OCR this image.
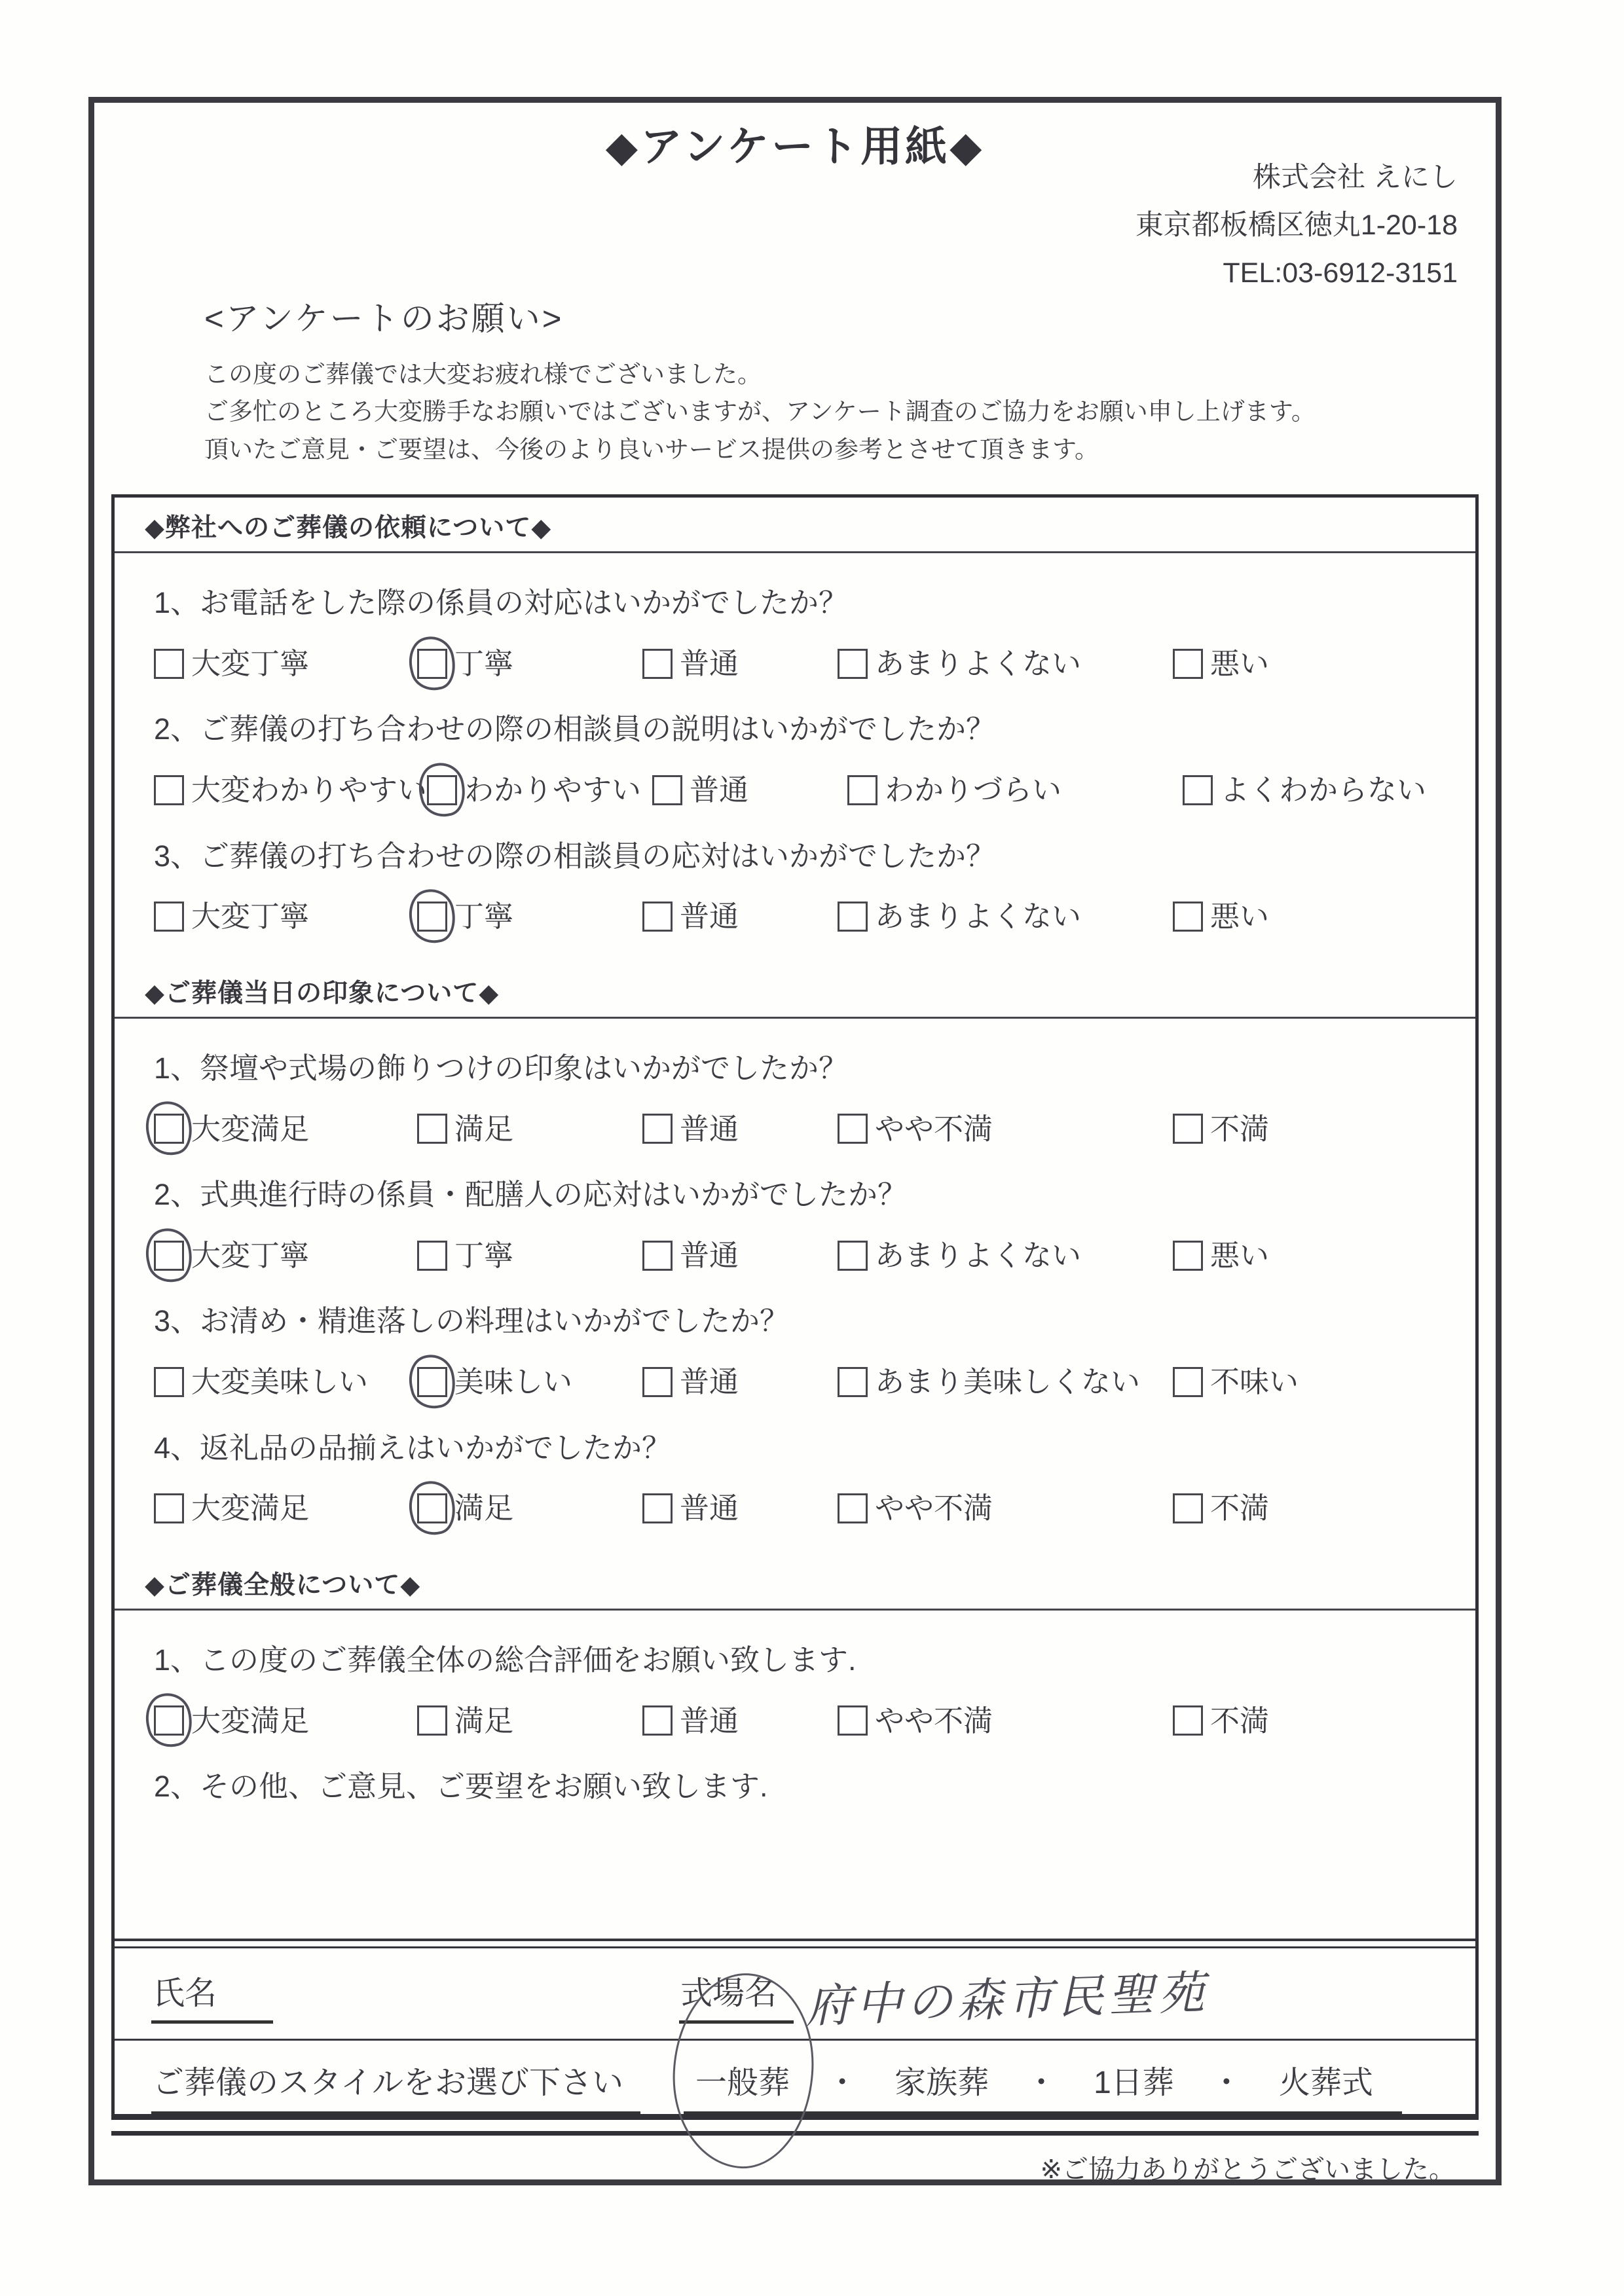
◆アンケート用紙◆
株式会社 えにし
東京都板橋区徳丸1-20-18
TEL:03-6912-3151
<アンケートのお願い>
この度のご葬儀では大変お疲れ様でございました。
ご多忙のところ大変勝手なお願いではございますが、アンケート調査のご協力をお願い申し上げます。
頂いたご意見・ご要望は、今後のより良いサービス提供の参考とさせて頂きます。
◆弊社へのご葬儀の依頼について◆
1、お電話をした際の係員の対応はいかがでしたか？
大変丁寧	丁寧	普通	あまりよくない	悪い
2、ご葬儀の打ち合わせの際の相談員の説明はいかがでしたか？
大変わかりやすい わかりやすい 普通	わかりづらい	よくわからない
3、ご葬儀の打ち合わせの際の相談員の応対はいかがでしたか？
大変丁寧	丁寧	普通	あまりよくない	悪い
◆ご葬儀当日の印象について◆
1、祭壇や式場の飾りつけの印象はいかがでしたか？
大変満足	満足	普通	やや不満	不満
2、式典進行時の係員・配膳人の応対はいかがでしたか？
大変丁寧	丁寧	普通	あまりよくない	悪い
3、お清め・精進落しの料理はいかがでしたか？
大変美味しい	美味しい	普通	あまり美味しくない 不味い
4、返礼品の品揃えはいかがでしたか？
大変満足	満足	普通	やや不満	不満
◆ご葬儀全般について◆
1、この度のご葬儀全体の総合評価をお願い致します.
大変満足	満足	普通	やや不満	不満
2、その他、ご意見、ご要望をお願い致します.
氏名	式場名 府中の森市民聖苑
ご葬儀のスタイルをお選び下さい	一般葬 ・ 家族葬 ・ 1日葬 ・ 火葬式
※ご協力ありがとうございました。
